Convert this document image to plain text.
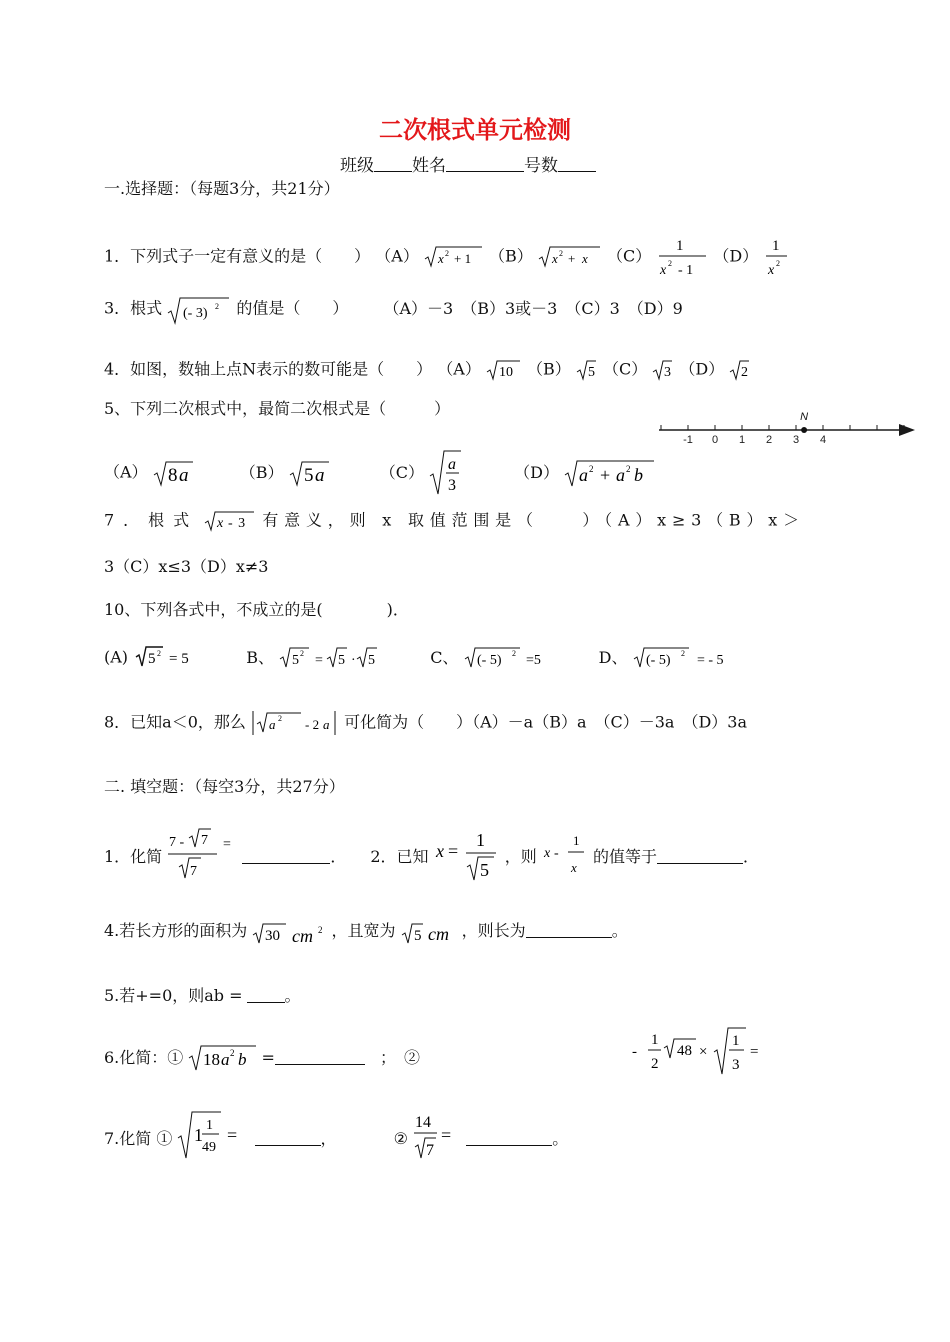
二次根式单元检测
班级 姓名	号数
一.选择题：（每题3分，共21分）
1．下列式子一定有意义的是（　　） （A） x 2 + 1 （B） x 2 + x （C）
1
x 2 - 1
（D）
1
x 2
3．根式 (- 3) 2 的值是（　　） （A）－3　（B）3或－3　（C）3　（D）9
4．如图，数轴上点N表示的数可能是（　　） （A） 10 （B） 5 （C） 3 （D） 2
5、下列二次根式中，最简二次根式是（　　　）
-1 0 1 2 3 4
N
（A） 8 a	（B） 5 a	（C） a
3
（D） a 2 + a 2 b
7．根式 x - 3 有意义，则 x 取值范围是（　　）（A）x≥3（B）x＞
3（C）x≤3（D）x≠3
10、下列各式中，不成立的是(　　　　)．
(A) 5 2 = 5	B、 5 2 = 5 · 5	C、 (- 5) 2 =5	D、 (- 5) 2 = - 5
8．已知a＜0，那么 a 2 - 2 a 可化简为（　　）（A）－a（B）a　（C）－3a　（D）3a
二. 填空题：（每空3分，共27分）
1．化简
7 - 7
7
=
．　　2．已知 x =
1
5
，则 x -
1
x
的值等于	．
4.若长方形的面积为 30 cm 2 ，且宽为 5 cm ，则长为	。
5.若+=0，则ab =	。
6.化简：① 18 a 2 b =	；　②	-
1
2
48 ×
1
3
=
7.化简 ① 1 1
49
=	，	②
14
7
=	。
